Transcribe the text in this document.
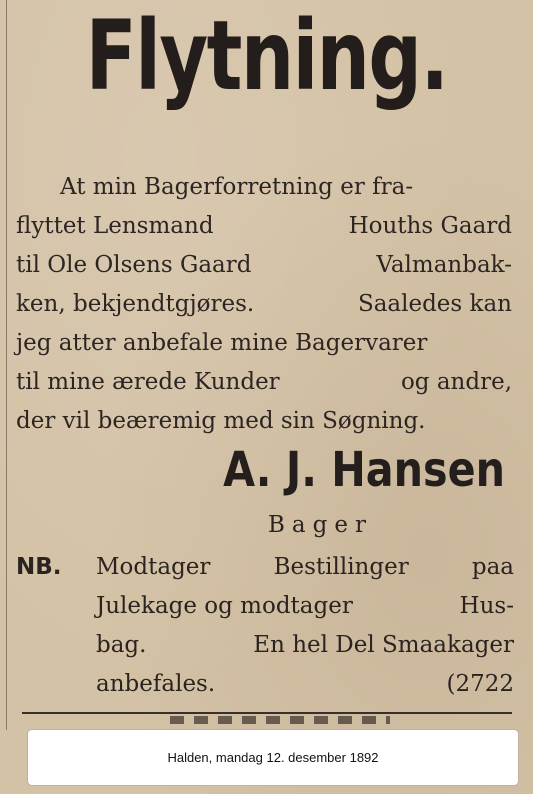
Flytning.
At min Bagerforretning er fra-
flyttet Lensmand	Houths Gaard
til Ole Olsens Gaard	Valmanbak-
ken, bekjendtgjøres.	Saaledes kan
jeg atter anbefale mine Bagervarer
til mine ærede Kunder	og andre,
der vil beæremig med sin Søgning.
A. J. Hansen
Bager
NB.	Modtager	Bestillinger	paa
Julekage og modtager	Hus-
bag.	En hel Del Smaakager
anbefales.	(2722
Halden, mandag 12. desember 1892
